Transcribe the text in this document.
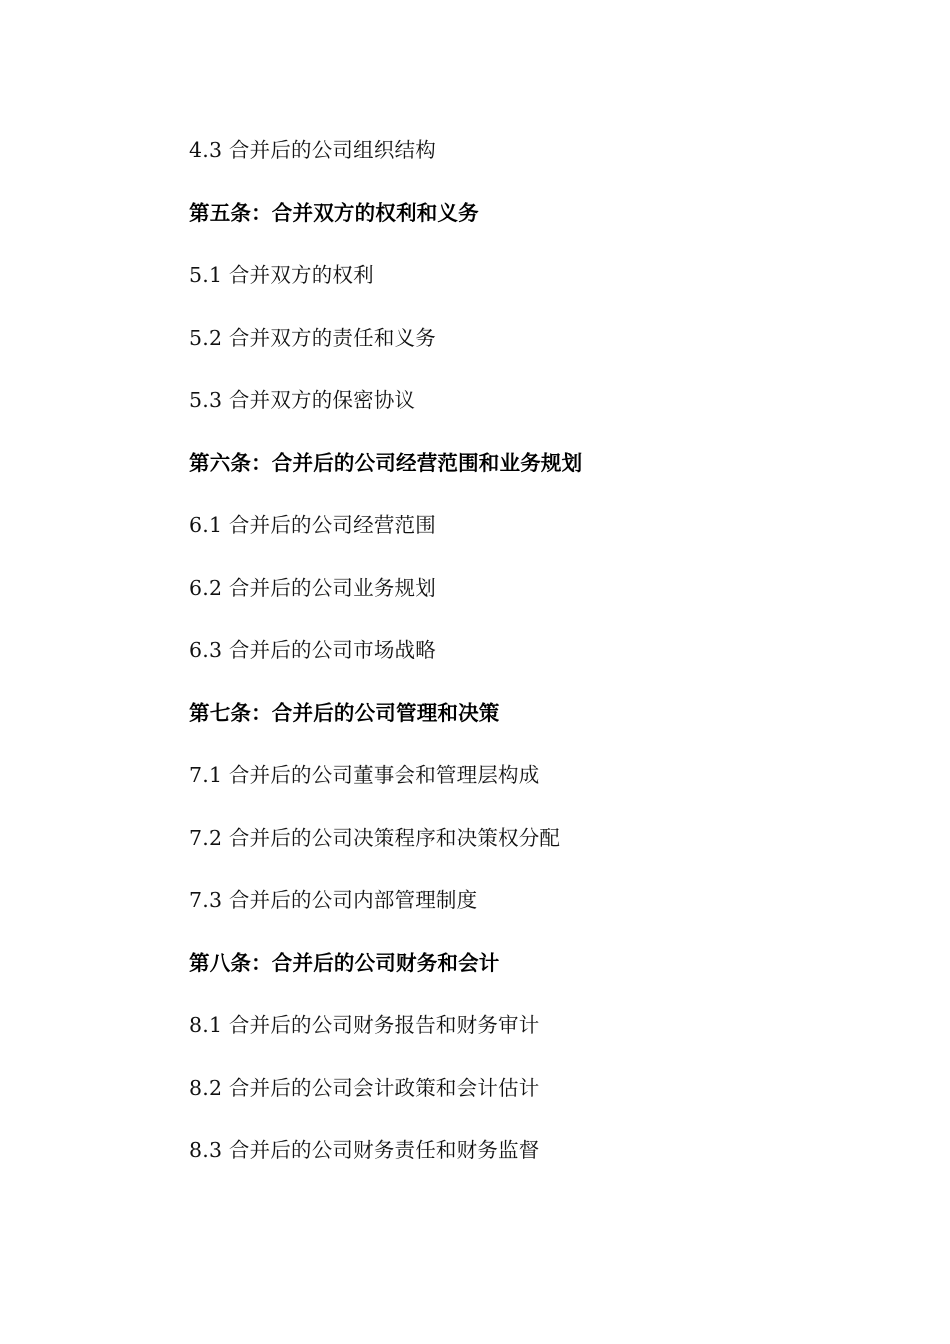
4.3 合并后的公司组织结构
第五条：合并双方的权利和义务
5.1 合并双方的权利
5.2 合并双方的责任和义务
5.3 合并双方的保密协议
第六条：合并后的公司经营范围和业务规划
6.1 合并后的公司经营范围
6.2 合并后的公司业务规划
6.3 合并后的公司市场战略
第七条：合并后的公司管理和决策
7.1 合并后的公司董事会和管理层构成
7.2 合并后的公司决策程序和决策权分配
7.3 合并后的公司内部管理制度
第八条：合并后的公司财务和会计
8.1 合并后的公司财务报告和财务审计
8.2 合并后的公司会计政策和会计估计
8.3 合并后的公司财务责任和财务监督
